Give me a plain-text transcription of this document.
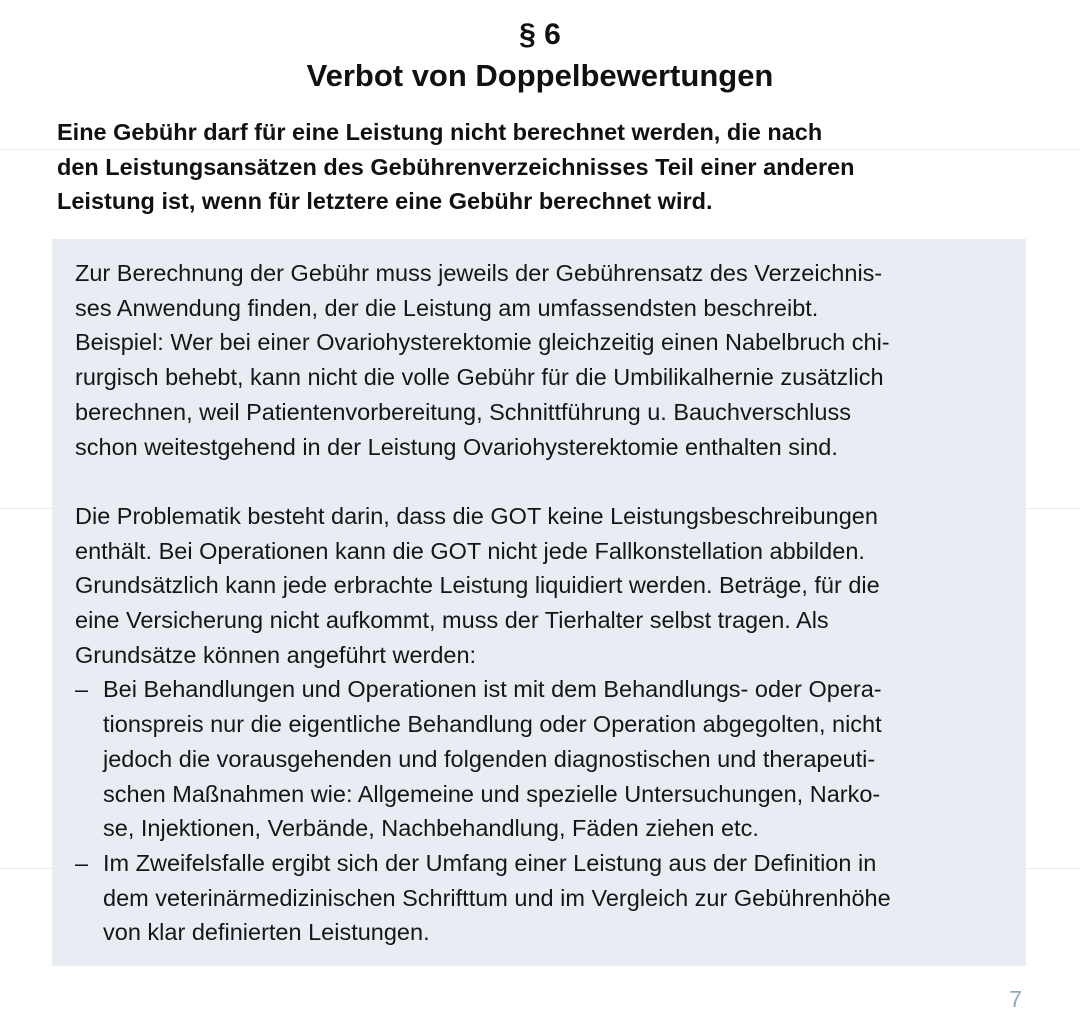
§ 6
Verbot von Doppelbewertungen

Eine Gebühr darf für eine Leistung nicht berechnet werden, die nach
den Leistungsansätzen des Gebührenverzeichnisses Teil einer anderen
Leistung ist, wenn für letztere eine Gebühr berechnet wird.

Zur Berechnung der Gebühr muss jeweils der Gebührensatz des Verzeichnis-
ses Anwendung finden, der die Leistung am umfassendsten beschreibt.
Beispiel: Wer bei einer Ovariohysterektomie gleichzeitig einen Nabelbruch chi-
rurgisch behebt, kann nicht die volle Gebühr für die Umbilikalhernie zusätzlich
berechnen, weil Patientenvorbereitung, Schnittführung u. Bauchverschluss
schon weitestgehend in der Leistung Ovariohysterektomie enthalten sind.

Die Problematik besteht darin, dass die GOT keine Leistungsbeschreibungen
enthält. Bei Operationen kann die GOT nicht jede Fallkonstellation abbilden.
Grundsätzlich kann jede erbrachte Leistung liquidiert werden. Beträge, für die
eine Versicherung nicht aufkommt, muss der Tierhalter selbst tragen. Als
Grundsätze können angeführt werden:

– Bei Behandlungen und Operationen ist mit dem Behandlungs- oder Opera-
tionspreis nur die eigentliche Behandlung oder Operation abgegolten, nicht
jedoch die vorausgehenden und folgenden diagnostischen und therapeuti-
schen Maßnahmen wie: Allgemeine und spezielle Untersuchungen, Narko-
se, Injektionen, Verbände, Nachbehandlung, Fäden ziehen etc.
– Im Zweifelsfalle ergibt sich der Umfang einer Leistung aus der Definition in
dem veterinärmedizinischen Schrifttum und im Vergleich zur Gebührenhöhe
von klar definierten Leistungen.
7
